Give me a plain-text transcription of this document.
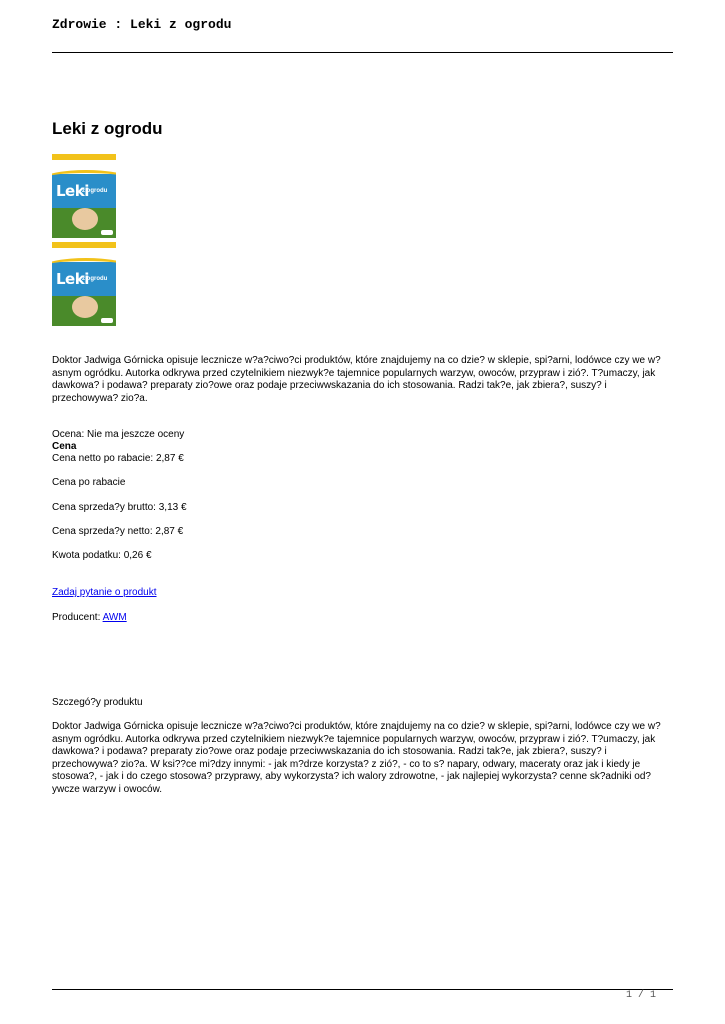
Zdrowie : Leki z ogrodu
Leki z ogrodu
Leki
z ogrodu
Leki
z ogrodu

Doktor Jadwiga Górnicka opisuje lecznicze w?a?ciwo?ci produktów, które znajdujemy na co dzie? w sklepie, spi?arni, lodówce czy we w?asnym ogródku. Autorka odkrywa przed czytelnikiem niezwyk?e tajemnice popularnych warzyw, owoców, przypraw i zió?. T?umaczy, jak dawkowa? i podawa? preparaty zio?owe oraz podaje przeciwwskazania do ich stosowania. Radzi tak?e, jak zbiera?, suszy? i przechowywa? zio?a.

Ocena: Nie ma jeszcze oceny
Cena
Cena netto po rabacie: 2,87 €
Cena po rabacie
Cena sprzeda?y brutto: 3,13 €
Cena sprzeda?y netto: 2,87 €
Kwota podatku: 0,26 €
Zadaj pytanie o produkt
Producent: AWM
Szczegó?y produktu

Doktor Jadwiga Górnicka opisuje lecznicze w?a?ciwo?ci produktów, które znajdujemy na co dzie? w sklepie, spi?arni, lodówce czy we w?asnym ogródku. Autorka odkrywa przed czytelnikiem niezwyk?e tajemnice popularnych warzyw, owoców, przypraw i zió?. T?umaczy, jak dawkowa? i podawa? preparaty zio?owe oraz podaje przeciwwskazania do ich stosowania. Radzi tak?e, jak zbiera?, suszy? i przechowywa? zio?a. W ksi??ce mi?dzy innymi: - jak m?drze korzysta? z zió?, - co to s? napary, odwary, maceraty oraz jak i kiedy je stosowa?, - jak i do czego stosowa? przyprawy, aby wykorzysta? ich walory zdrowotne, - jak najlepiej wykorzysta? cenne sk?adniki od?ywcze warzyw i owoców.

1 / 1
